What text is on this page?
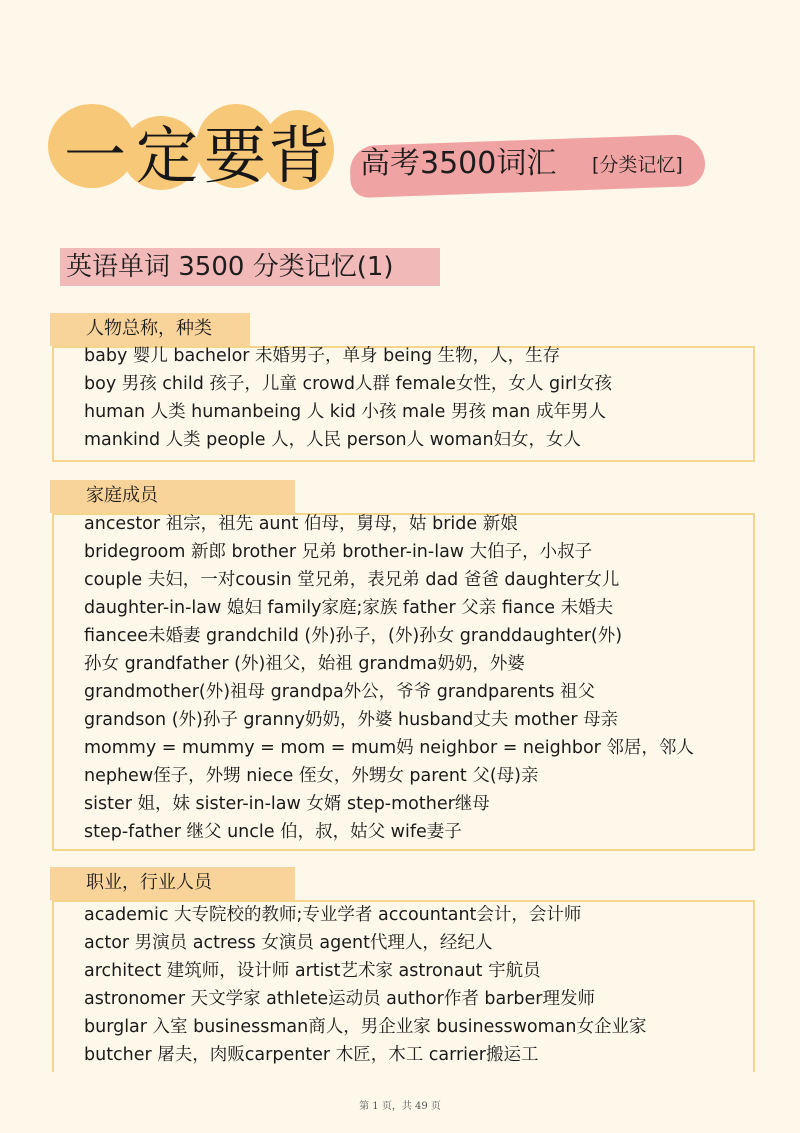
一 定 要 背 高考3500词汇 [分类记忆]
英语单词 3500 分类记忆(1)
人物总称，种类
baby 婴儿 bachelor 未婚男子，单身 being 生物，人，生存
boy 男孩 child 孩子，儿童 crowd人群 female女性，女人 girl女孩
human 人类 humanbeing 人 kid 小孩 male 男孩 man 成年男人
mankind 人类 people 人，人民 person人 woman妇女，女人
家庭成员
ancestor 祖宗，祖先 aunt 伯母，舅母，姑 bride 新娘
bridegroom 新郎 brother 兄弟 brother-in-law 大伯子，小叔子
couple 夫妇，一对cousin 堂兄弟，表兄弟 dad 爸爸 daughter女儿
daughter-in-law 媳妇 family家庭;家族 father 父亲 fiance 未婚夫
fiancee未婚妻 grandchild (外)孙子，(外)孙女 granddaughter(外)
孙女 grandfather (外)祖父，始祖 grandma奶奶，外婆
grandmother(外)祖母 grandpa外公，爷爷 grandparents 祖父
grandson (外)孙子 granny奶奶，外婆 husband丈夫 mother 母亲
mommy = mummy = mom = mum妈 neighbor = neighbor 邻居，邻人
nephew侄子，外甥 niece 侄女，外甥女 parent 父(母)亲
sister 姐，妹 sister-in-law 女婿 step-mother继母
step-father 继父 uncle 伯，叔，姑父 wife妻子
职业，行业人员
academic 大专院校的教师;专业学者 accountant会计，会计师
actor 男演员 actress 女演员 agent代理人，经纪人
architect 建筑师，设计师 artist艺术家 astronaut 宇航员
astronomer 天文学家 athlete运动员 author作者 barber理发师
burglar 入室 businessman商人，男企业家 businesswoman女企业家
butcher 屠夫，肉贩carpenter 木匠，木工 carrier搬运工
第 1 页，共 49 页
